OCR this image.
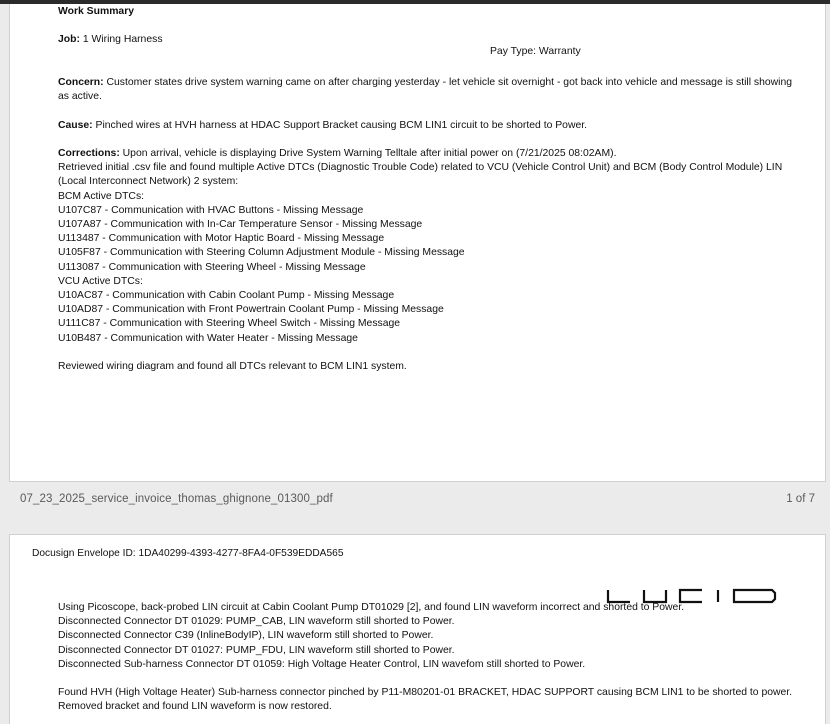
Work Summary

Job: 1 Wiring Harness

Concern: Customer states drive system warning came on after charging yesterday - let vehicle sit overnight - got back into vehicle and message is still showing as active.

Cause: Pinched wires at HVH harness at HDAC Support Bracket causing BCM LIN1 circuit to be shorted to Power.

Corrections: Upon arrival, vehicle is displaying Drive System Warning Telltale after initial power on (7/21/2025 08:02AM).

Retrieved initial .csv file and found multiple Active DTCs (Diagnostic Trouble Code) related to VCU (Vehicle Control Unit) and BCM (Body Control Module) LIN (Local Interconnect Network) 2 system:

BCM Active DTCs:

U107C87 - Communication with HVAC Buttons - Missing Message

U107A87 - Communication with In-Car Temperature Sensor - Missing Message

U113487 - Communication with Motor Haptic Board - Missing Message

U105F87 - Communication with Steering Column Adjustment Module - Missing Message

U113087 - Communication with Steering Wheel - Missing Message

VCU Active DTCs:

U10AC87 - Communication with Cabin Coolant Pump - Missing Message

U10AD87 - Communication with Front Powertrain Coolant Pump - Missing Message

U111C87 - Communication with Steering Wheel Switch - Missing Message

U10B487 - Communication with Water Heater - Missing Message

Reviewed wiring diagram and found all DTCs relevant to BCM LIN1 system.

Pay Type: Warranty
07_23_2025_service_invoice_thomas_ghignone_01300_pdf	1 of 7
Docusign Envelope ID: 1DA40299-4393-4277-8FA4-0F539EDDA565

Using Picoscope, back-probed LIN circuit at Cabin Coolant Pump DT01029 [2], and found LIN waveform incorrect and shorted to Power.

Disconnected Connector DT 01029: PUMP_CAB, LIN waveform still shorted to Power.

Disconnected Connector C39 (InlineBodyIP), LIN waveform still shorted to Power.

Disconnected Connector DT 01027: PUMP_FDU, LIN waveform still shorted to Power.

Disconnected Sub-harness Connector DT 01059: High Voltage Heater Control, LIN wavefom still shorted to Power.

Found HVH (High Voltage Heater) Sub-harness connector pinched by P11-M80201-01 BRACKET, HDAC SUPPORT causing BCM LIN1 to be shorted to power. Removed bracket and found LIN waveform is now restored.
